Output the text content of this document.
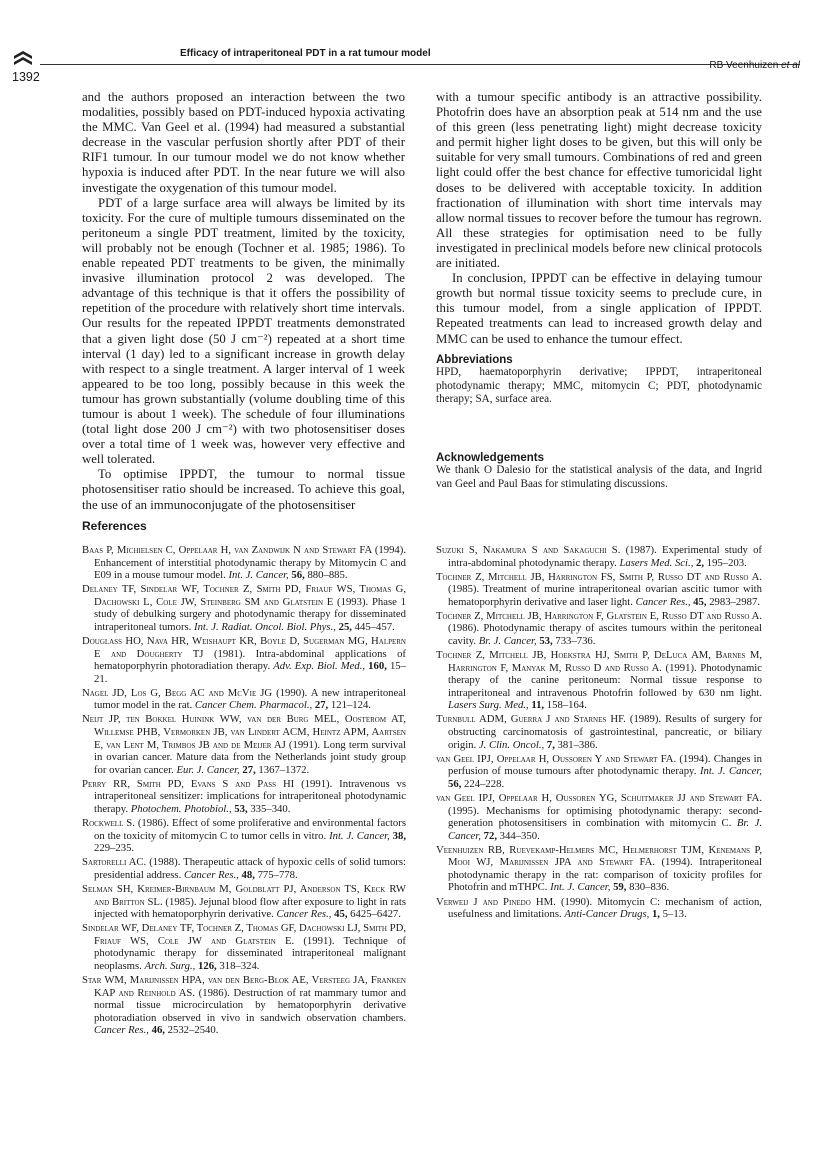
1392
Efficacy of intraperitoneal PDT in a rat tumour model
RB Veenhuizen et al

and the authors proposed an interaction between the two modalities, possibly based on PDT-induced hypoxia activating the MMC. Van Geel et al. (1994) had measured a substantial decrease in the vascular perfusion shortly after PDT of their RIF1 tumour. In our tumour model we do not know whether hypoxia is induced after PDT. In the near future we will also investigate the oxygenation of this tumour model.

PDT of a large surface area will always be limited by its toxicity. For the cure of multiple tumours disseminated on the peritoneum a single PDT treatment, limited by the toxicity, will probably not be enough (Tochner et al. 1985; 1986). To enable repeated PDT treatments to be given, the minimally invasive illumination protocol 2 was developed. The advantage of this technique is that it offers the possibility of repetition of the procedure with relatively short time intervals. Our results for the repeated IPPDT treatments demonstrated that a given light dose (50 J cm⁻²) repeated at a short time interval (1 day) led to a significant increase in growth delay with respect to a single treatment. A larger interval of 1 week appeared to be too long, possibly because in this week the tumour has grown substantially (volume doubling time of this tumour is about 1 week). The schedule of four illuminations (total light dose 200 J cm⁻²) with two photosensitiser doses over a total time of 1 week was, however very effective and well tolerated.

To optimise IPPDT, the tumour to normal tissue photosensitiser ratio should be increased. To achieve this goal, the use of an immunoconjugate of the photosensitiser

with a tumour specific antibody is an attractive possibility. Photofrin does have an absorption peak at 514 nm and the use of this green (less penetrating light) might decrease toxicity and permit higher light doses to be given, but this will only be suitable for very small tumours. Combinations of red and green light could offer the best chance for effective tumoricidal light doses to be delivered with acceptable toxicity. In addition fractionation of illumination with short time intervals may allow normal tissues to recover before the tumour has regrown. All these strategies for optimisation need to be fully investigated in preclinical models before new clinical protocols are initiated.

In conclusion, IPPDT can be effective in delaying tumour growth but normal tissue toxicity seems to preclude cure, in this tumour model, from a single application of IPPDT. Repeated treatments can lead to increased growth delay and MMC can be used to enhance the tumour effect.

Abbreviations

HPD, haematoporphyrin derivative; IPPDT, intraperitoneal photodynamic therapy; MMC, mitomycin C; PDT, photodynamic therapy; SA, surface area.

Acknowledgements

We thank O Dalesio for the statistical analysis of the data, and Ingrid van Geel and Paul Baas for stimulating discussions.

References

Baas P, Michielsen C, Oppelaar H, van Zandwijk N and Stewart FA (1994). Enhancement of interstitial photodynamic therapy by Mitomycin C and E09 in a mouse tumour model. Int. J. Cancer, 56, 880–885.

Delaney TF, Sindelar WF, Tochner Z, Smith PD, Friauf WS, Thomas G, Dachowski L, Cole JW, Steinberg SM and Glatstein E (1993). Phase 1 study of debulking surgery and photodynamic therapy for disseminated intraperitoneal tumors. Int. J. Radiat. Oncol. Biol. Phys., 25, 445–457.

Douglass HO, Nava HR, Weishaupt KR, Boyle D, Sugerman MG, Halpern E and Dougherty TJ (1981). Intra-abdominal applications of hematoporphyrin photoradiation therapy. Adv. Exp. Biol. Med., 160, 15–21.

Nagel JD, Los G, Begg AC and McVie JG (1990). A new intraperitoneal tumor model in the rat. Cancer Chem. Pharmacol., 27, 121–124.

Neijt JP, ten Bokkel Huinink WW, van der Burg MEL, Oosterom AT, Willemse PHB, Vermorken JB, van Lindert ACM, Heintz APM, Aartsen E, van Lent M, Trimbos JB and de Meijer AJ (1991). Long term survival in ovarian cancer. Mature data from the Netherlands joint study group for ovarian cancer. Eur. J. Cancer, 27, 1367–1372.

Perry RR, Smith PD, Evans S and Pass HI (1991). Intravenous vs intraperitoneal sensitizer: implications for intraperitoneal photodynamic therapy. Photochem. Photobiol., 53, 335–340.

Rockwell S. (1986). Effect of some proliferative and environmental factors on the toxicity of mitomycin C to tumor cells in vitro. Int. J. Cancer, 38, 229–235.

Sartorelli AC. (1988). Therapeutic attack of hypoxic cells of solid tumors: presidential address. Cancer Res., 48, 775–778.

Selman SH, Kreimer-Birnbaum M, Goldblatt PJ, Anderson TS, Keck RW and Britton SL. (1985). Jejunal blood flow after exposure to light in rats injected with hematoporphyrin derivative. Cancer Res., 45, 6425–6427.

Sindelar WF, Delaney TF, Tochner Z, Thomas GF, Dachowski LJ, Smith PD, Friauf WS, Cole JW and Glatstein E. (1991). Technique of photodynamic therapy for disseminated intraperitoneal malignant neoplasms. Arch. Surg., 126, 318–324.

Star WM, Marijnissen HPA, van den Berg-Blok AE, Versteeg JA, Franken KAP and Reinhold AS. (1986). Destruction of rat mammary tumor and normal tissue microcirculation by hematoporphyrin derivative photoradiation observed in vivo in sandwich observation chambers. Cancer Res., 46, 2532–2540.

Suzuki S, Nakamura S and Sakaguchi S. (1987). Experimental study of intra-abdominal photodynamic therapy. Lasers Med. Sci., 2, 195–203.

Tochner Z, Mitchell JB, Harrington FS, Smith P, Russo DT and Russo A. (1985). Treatment of murine intraperitoneal ovarian ascitic tumor with hematoporphyrin derivative and laser light. Cancer Res., 45, 2983–2987.

Tochner Z, Mitchell JB, Harrington F, Glatstein E, Russo DT and Russo A. (1986). Photodynamic therapy of ascites tumours within the peritoneal cavity. Br. J. Cancer, 53, 733–736.

Tochner Z, Mitchell JB, Hoekstra HJ, Smith P, DeLuca AM, Barnes M, Harrington F, Manyak M, Russo D and Russo A. (1991). Photodynamic therapy of the canine peritoneum: Normal tissue response to intraperitoneal and intravenous Photofrin followed by 630 nm light. Lasers Surg. Med., 11, 158–164.

Turnbull ADM, Guerra J and Starnes HF. (1989). Results of surgery for obstructing carcinomatosis of gastrointestinal, pancreatic, or biliary origin. J. Clin. Oncol., 7, 381–386.

van Geel IPJ, Oppelaar H, Oussoren Y and Stewart FA. (1994). Changes in perfusion of mouse tumours after photodynamic therapy. Int. J. Cancer, 56, 224–228.

van Geel IPJ, Oppelaar H, Oussoren YG, Schuitmaker JJ and Stewart FA. (1995). Mechanisms for optimising photodynamic therapy: second-generation photosensitisers in combination with mitomycin C. Br. J. Cancer, 72, 344–350.

Veenhuizen RB, Ruevekamp-Helmers MC, Helmerhorst TJM, Kenemans P, Mooi WJ, Marijnissen JPA and Stewart FA. (1994). Intraperitoneal photodynamic therapy in the rat: comparison of toxicity profiles for Photofrin and mTHPC. Int. J. Cancer, 59, 830–836.

Verweij J and Pinedo HM. (1990). Mitomycin C: mechanism of action, usefulness and limitations. Anti-Cancer Drugs, 1, 5–13.
